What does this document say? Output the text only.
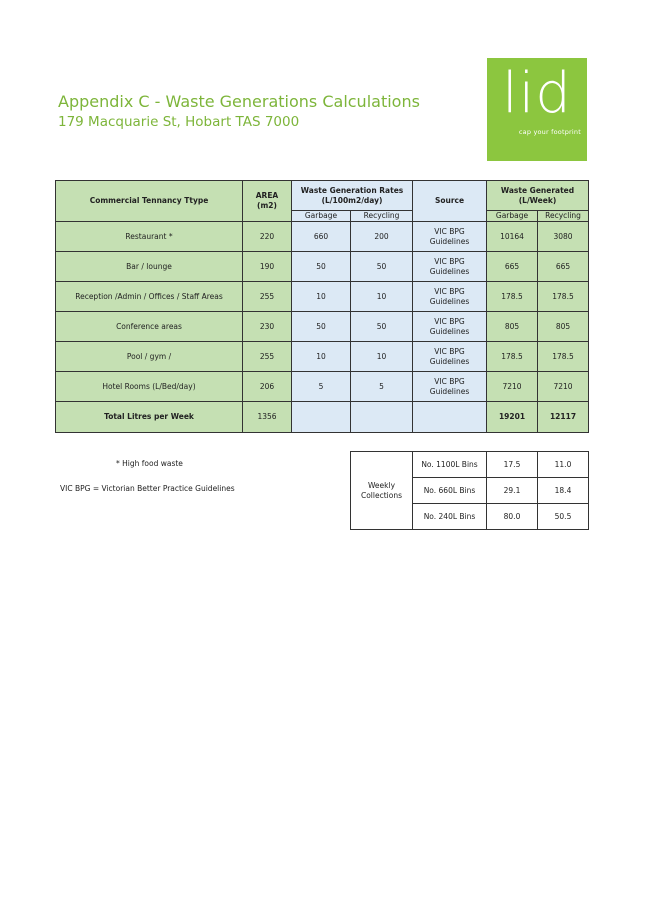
Appendix C - Waste Generations Calculations
179 Macquarie St, Hobart TAS 7000	lid
cap your footprint
Commercial Tennancy Ttype	AREA (m2)	Waste Generation Rates (L/100m2/day)		Source	Waste Generated (L/Week)	
		Garbage	Recycling		Garbage	Recycling
Restaurant *	220	660	200	VIC BPG Guidelines	10164	3080
Bar / lounge	190	50	50	VIC BPG Guidelines	665	665
Reception /Admin / Offices / Staff Areas	255	10	10	VIC BPG Guidelines	178.5	178.5
Conference areas	230	50	50	VIC BPG Guidelines	805	805
Pool / gym /	255	10	10	VIC BPG Guidelines	178.5	178.5
Hotel Rooms (L/Bed/day)	206	5	5	VIC BPG Guidelines	7210	7210
Total Litres per Week	1356				19201	12117
* High food waste
VIC BPG = Victorian Better Practice Guidelines	Weekly Collections	No. 1100L Bins	17.5	11.0
	No. 660L Bins	29.1	18.4
	No. 240L Bins	80.0	50.5
